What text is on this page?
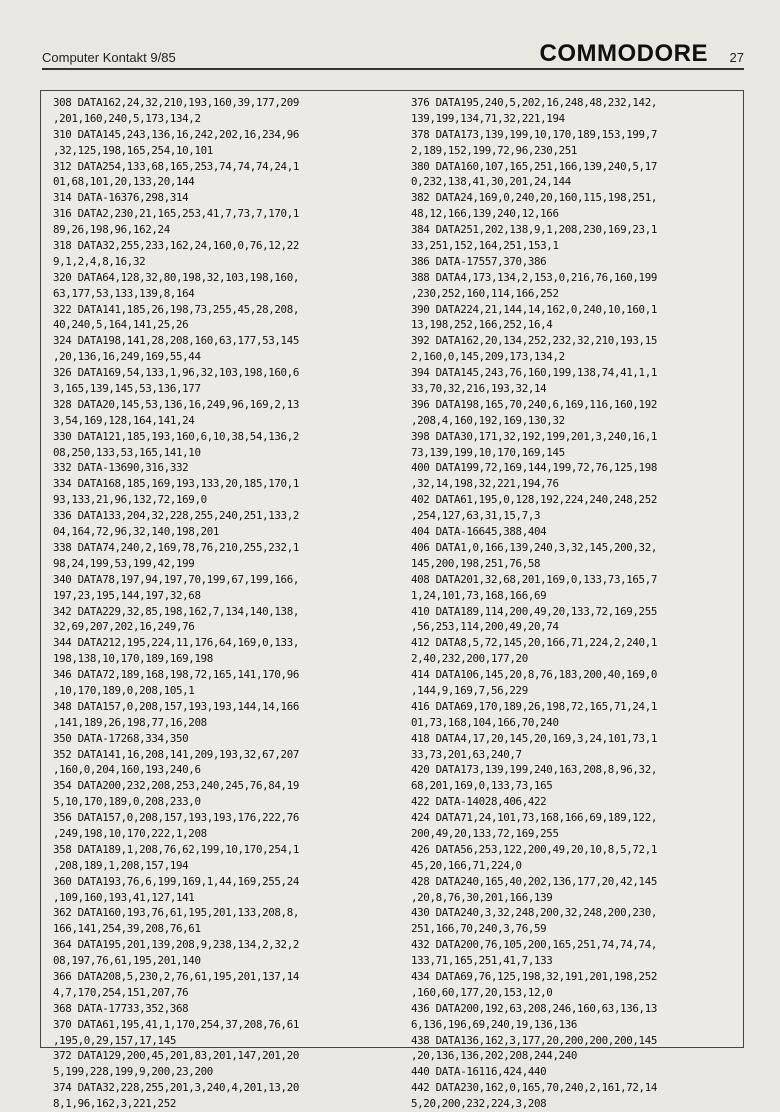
Computer Kontakt 9/85	COMMODORE 27
308 DATA162,24,32,210,193,160,39,177,209
,201,160,240,5,173,134,2
310 DATA145,243,136,16,242,202,16,234,96
,32,125,198,165,254,10,101
312 DATA254,133,68,165,253,74,74,74,24,1
01,68,101,20,133,20,144
314 DATA-16376,298,314
316 DATA2,230,21,165,253,41,7,73,7,170,1
89,26,198,96,162,24
318 DATA32,255,233,162,24,160,0,76,12,22
9,1,2,4,8,16,32
320 DATA64,128,32,80,198,32,103,198,160,
63,177,53,133,139,8,164
322 DATA141,185,26,198,73,255,45,28,208,
40,240,5,164,141,25,26
324 DATA198,141,28,208,160,63,177,53,145
,20,136,16,249,169,55,44
326 DATA169,54,133,1,96,32,103,198,160,6
3,165,139,145,53,136,177
328 DATA20,145,53,136,16,249,96,169,2,13
3,54,169,128,164,141,24
330 DATA121,185,193,160,6,10,38,54,136,2
08,250,133,53,165,141,10
332 DATA-13690,316,332
334 DATA168,185,169,193,133,20,185,170,1
93,133,21,96,132,72,169,0
336 DATA133,204,32,228,255,240,251,133,2
04,164,72,96,32,140,198,201
338 DATA74,240,2,169,78,76,210,255,232,1
98,24,199,53,199,42,199
340 DATA78,197,94,197,70,199,67,199,166,
197,23,195,144,197,32,68
342 DATA229,32,85,198,162,7,134,140,138,
32,69,207,202,16,249,76
344 DATA212,195,224,11,176,64,169,0,133,
198,138,10,170,189,169,198
346 DATA72,189,168,198,72,165,141,170,96
,10,170,189,0,208,105,1
348 DATA157,0,208,157,193,193,144,14,166
,141,189,26,198,77,16,208
350 DATA-17268,334,350
352 DATA141,16,208,141,209,193,32,67,207
,160,0,204,160,193,240,6
354 DATA200,232,208,253,240,245,76,84,19
5,10,170,189,0,208,233,0
356 DATA157,0,208,157,193,193,176,222,76
,249,198,10,170,222,1,208
358 DATA189,1,208,76,62,199,10,170,254,1
,208,189,1,208,157,194
360 DATA193,76,6,199,169,1,44,169,255,24
,109,160,193,41,127,141
362 DATA160,193,76,61,195,201,133,208,8,
166,141,254,39,208,76,61
364 DATA195,201,139,208,9,238,134,2,32,2
08,197,76,61,195,201,140
366 DATA208,5,230,2,76,61,195,201,137,14
4,7,170,254,151,207,76
368 DATA-17733,352,368
370 DATA61,195,41,1,170,254,37,208,76,61
,195,0,29,157,17,145
372 DATA129,200,45,201,83,201,147,201,20
5,199,228,199,9,200,23,200
374 DATA32,228,255,201,3,240,4,201,13,20
8,1,96,162,3,221,252
376 DATA195,240,5,202,16,248,48,232,142,
139,199,134,71,32,221,194
378 DATA173,139,199,10,170,189,153,199,7
2,189,152,199,72,96,230,251
380 DATA160,107,165,251,166,139,240,5,17
0,232,138,41,30,201,24,144
382 DATA24,169,0,240,20,160,115,198,251,
48,12,166,139,240,12,166
384 DATA251,202,138,9,1,208,230,169,23,1
33,251,152,164,251,153,1
386 DATA-17557,370,386
388 DATA4,173,134,2,153,0,216,76,160,199
,230,252,160,114,166,252
390 DATA224,21,144,14,162,0,240,10,160,1
13,198,252,166,252,16,4
392 DATA162,20,134,252,232,32,210,193,15
2,160,0,145,209,173,134,2
394 DATA145,243,76,160,199,138,74,41,1,1
33,70,32,216,193,32,14
396 DATA198,165,70,240,6,169,116,160,192
,208,4,160,192,169,130,32
398 DATA30,171,32,192,199,201,3,240,16,1
73,139,199,10,170,169,145
400 DATA199,72,169,144,199,72,76,125,198
,32,14,198,32,221,194,76
402 DATA61,195,0,128,192,224,240,248,252
,254,127,63,31,15,7,3
404 DATA-16645,388,404
406 DATA1,0,166,139,240,3,32,145,200,32,
145,200,198,251,76,58
408 DATA201,32,68,201,169,0,133,73,165,7
1,24,101,73,168,166,69
410 DATA189,114,200,49,20,133,72,169,255
,56,253,114,200,49,20,74
412 DATA8,5,72,145,20,166,71,224,2,240,1
2,40,232,200,177,20
414 DATA106,145,20,8,76,183,200,40,169,0
,144,9,169,7,56,229
416 DATA69,170,189,26,198,72,165,71,24,1
01,73,168,104,166,70,240
418 DATA4,17,20,145,20,169,3,24,101,73,1
33,73,201,63,240,7
420 DATA173,139,199,240,163,208,8,96,32,
68,201,169,0,133,73,165
422 DATA-14028,406,422
424 DATA71,24,101,73,168,166,69,189,122,
200,49,20,133,72,169,255
426 DATA56,253,122,200,49,20,10,8,5,72,1
45,20,166,71,224,0
428 DATA240,165,40,202,136,177,20,42,145
,20,8,76,30,201,166,139
430 DATA240,3,32,248,200,32,248,200,230,
251,166,70,240,3,76,59
432 DATA200,76,105,200,165,251,74,74,74,
133,71,165,251,41,7,133
434 DATA69,76,125,198,32,191,201,198,252
,160,60,177,20,153,12,0
436 DATA200,192,63,208,246,160,63,136,13
6,136,196,69,240,19,136,136
438 DATA136,162,3,177,20,200,200,200,145
,20,136,136,202,208,244,240
440 DATA-16116,424,440
442 DATA230,162,0,165,70,240,2,161,72,14
5,20,200,232,224,3,208
